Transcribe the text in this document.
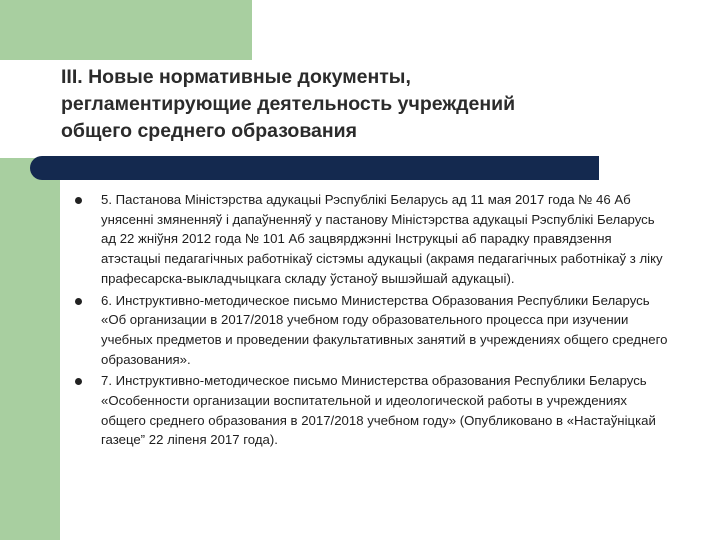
III. Новые нормативные документы,
регламентирующие деятельность учреждений
общего среднего образования
5. Пастанова Мінiстэрства адукацыі Рэспублікі Беларусь ад 11 мая 2017 года № 46 Аб унясенні змяненняў і дапаўненняў у пастанову Міністэрства адукацыі Рэспублікі Беларусь ад 22 жніўня 2012 года № 101 Аб зацвярджэнні Інструкцыі аб парадку правядзення атэстацыі педагагічных работнікаў сістэмы адукацыі (акрамя педагагічных работнікаў з ліку прафесарска-выкладчыцкага складу ўстаноў вышэйшай адукацыі).
6. Инструктивно-методическое письмо Министерства Образования Республики Беларусь «Об организации в 2017/2018 учебном году образовательного процесса при изучении учебных предметов и проведении факультативных занятий в учреждениях общего среднего образования».
7. Инструктивно-методическое письмо Министерства образования Республики Беларусь «Особенности организации воспитательной и идеологической работы в учреждениях общего среднего образования в 2017/2018 учебном году» (Опубликовано в «Настаўніцкай газеце” 22 ліпеня 2017 года).
